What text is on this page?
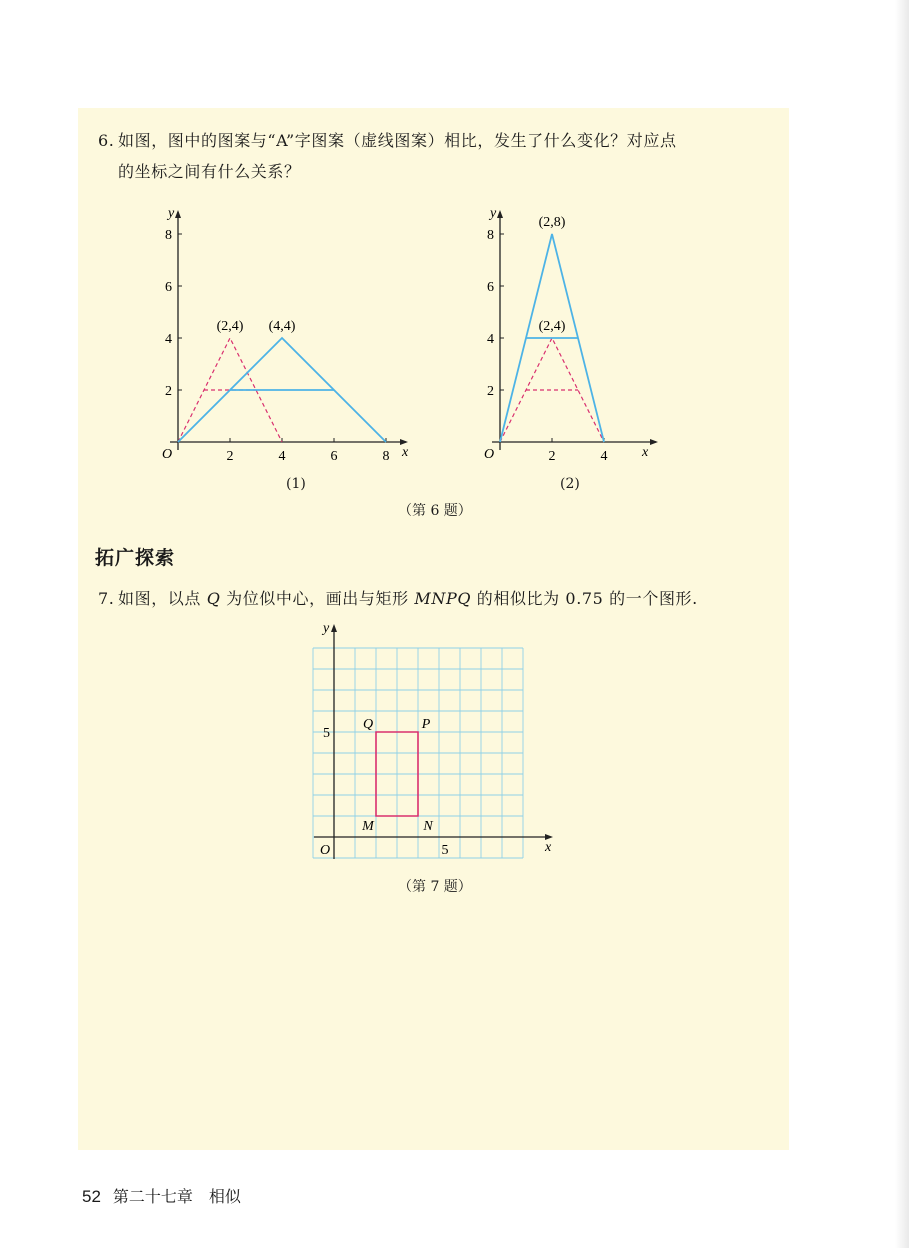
6. 如图，图中的图案与“A”字图案（虚线图案）相比，发生了什么变化？对应点
的坐标之间有什么关系？
y
x
O	2	4	6	8
2
4
6
8
(2,4) (4,4)
(1)
y
x
O	2	4
2
4
6
8
(2,8)
(2,4)
(2)
（第 6 题）
拓广探索
7. 如图，以点 Q 为位似中心，画出与矩形 MNPQ 的相似比为 0.75 的一个图形.
y
x
O	5
5
M	N
P
Q
（第 7 题）
52 第二十七章　相似
